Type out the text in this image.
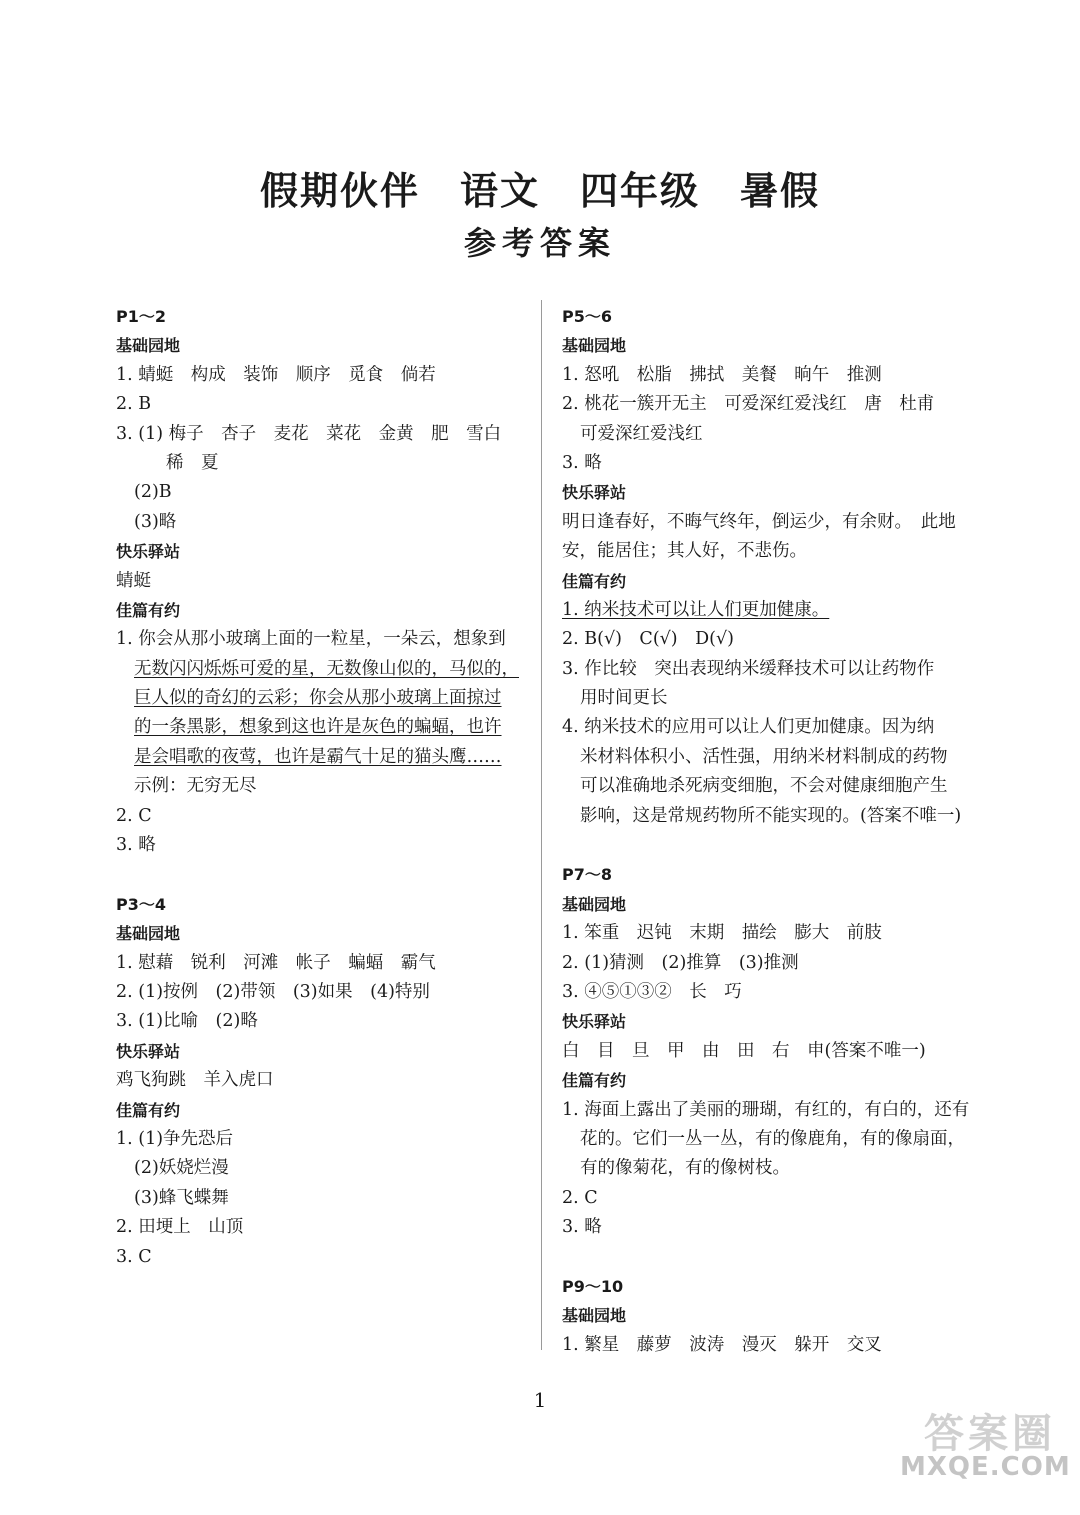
假期伙伴　语文　四年级　暑假
参考答案
P1～2
基础园地
1. 蜻蜓　构成　装饰　顺序　觅食　倘若
2. B
3. (1) 梅子　杏子　麦花　菜花　金黄　肥　雪白
稀　夏
(2)B
(3)略
快乐驿站
蜻蜓
佳篇有约
1. 你会从那小玻璃上面的一粒星，一朵云，想象到
无数闪闪烁烁可爱的星，无数像山似的，马似的，
巨人似的奇幻的云彩；你会从那小玻璃上面掠过
的一条黑影，想象到这也许是灰色的蝙蝠，也许
是会唱歌的夜莺，也许是霸气十足的猫头鹰……
示例：无穷无尽
2. C
3. 略
P3～4
基础园地
1. 慰藉　锐利　河滩　帐子　蝙蝠　霸气
2. (1)按例　(2)带领　(3)如果　(4)特别
3. (1)比喻　(2)略
快乐驿站
鸡飞狗跳　羊入虎口
佳篇有约
1. (1)争先恐后
(2)妖娆烂漫
(3)蜂飞蝶舞
2. 田埂上　山顶
3. C
P5～6
基础园地
1. 怒吼　松脂　拂拭　美餐　晌午　推测
2. 桃花一簇开无主　可爱深红爱浅红　唐　杜甫
可爱深红爱浅红
3. 略
快乐驿站
明日逢春好，不晦气终年，倒运少，有余财。　此地
安，能居住；其人好，不悲伤。
佳篇有约
1. 纳米技术可以让人们更加健康。
2. B(√)　C(√)　D(√)
3. 作比较　突出表现纳米缓释技术可以让药物作
用时间更长
4. 纳米技术的应用可以让人们更加健康。因为纳
米材料体积小、活性强，用纳米材料制成的药物
可以准确地杀死病变细胞，不会对健康细胞产生
影响，这是常规药物所不能实现的。(答案不唯一)
P7～8
基础园地
1. 笨重　迟钝　末期　描绘　膨大　前肢
2. (1)猜测　(2)推算　(3)推测
3. ④⑤①③②　长　巧
快乐驿站
白　目　旦　甲　由　田　右　申(答案不唯一)
佳篇有约
1. 海面上露出了美丽的珊瑚，有红的，有白的，还有
花的。它们一丛一丛，有的像鹿角，有的像扇面，
有的像菊花，有的像树枝。
2. C
3. 略
P9～10
基础园地
1. 繁星　藤萝　波涛　漫灭　躲开　交叉
1
答案圈
MXQE.COM
